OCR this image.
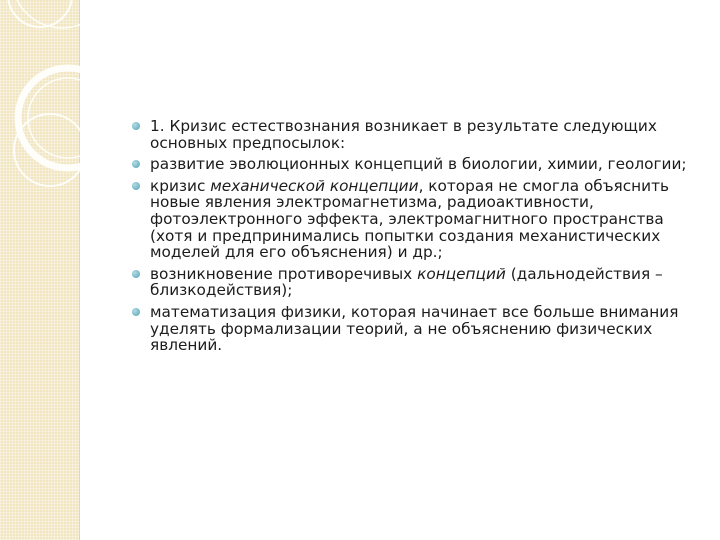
1. Кризис естествознания возникает в результате следующих основных предпосылок:
развитие эволюционных концепций в биологии, химии, геологии;
кризис механической концепции, которая не смогла объяснить новые явления электромагнетизма, радиоактивности, фотоэлектронного эффекта, электромагнитного пространства (хотя и предпринимались попытки создания механистических моделей для его объяснения) и др.;
возникновение противоречивых концепций (дальнодействия – близкодействия);
математизация физики, которая начинает все больше внимания уделять формализации теорий, а не объяснению физических явлений.
